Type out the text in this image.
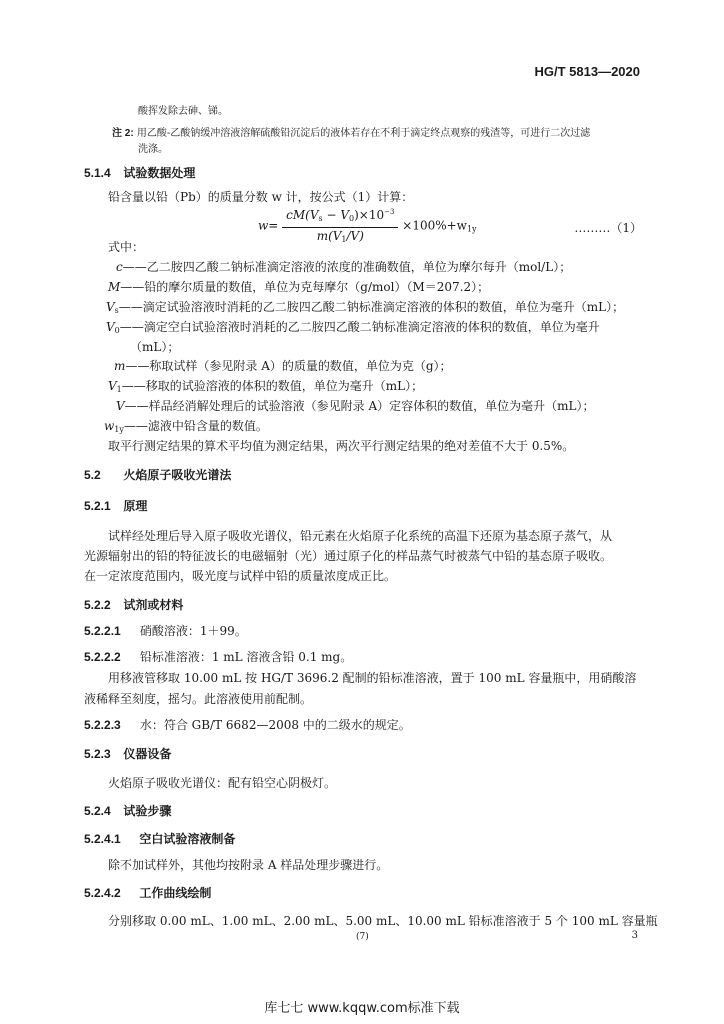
HG/T 5813—2020
酸挥发除去砷、锑。
注 2: 用乙酸-乙酸钠缓冲溶液溶解硫酸铅沉淀后的液体若存在不利于滴定终点观察的残渣等，可进行二次过滤
洗涤。
5.1.4 试验数据处理
铅含量以铅（Pb）的质量分数 w 计，按公式（1）计算：
$w= \frac{cM(V_s - V_0)\times 10^{-3}}{m(V_1/V)} \times 100\%+w_{1y}$	………（1）
式中：
c——乙二胺四乙酸二钠标准滴定溶液的浓度的准确数值，单位为摩尔每升（mol/L）；
M——铅的摩尔质量的数值，单位为克每摩尔（g/mol）（M＝207.2）；
$V_s——$滴定试验溶液时消耗的乙二胺四乙酸二钠标准滴定溶液的体积的数值，单位为毫升（mL）；
$V_0——$滴定空白试验溶液时消耗的乙二胺四乙酸二钠标准滴定溶液的体积的数值，单位为毫升
（mL）；
m——称取试样（参见附录 A）的质量的数值，单位为克（g）；
$V_1——$移取的试验溶液的体积的数值，单位为毫升（mL）；
V——样品经消解处理后的试验溶液（参见附录 A）定容体积的数值，单位为毫升（mL）；
$w_{1y}——$滤液中铅含量的数值。
取平行测定结果的算术平均值为测定结果，两次平行测定结果的绝对差值不大于 0.5%。
5.2 火焰原子吸收光谱法
5.2.1 原理
试样经处理后导入原子吸收光谱仪，铅元素在火焰原子化系统的高温下还原为基态原子蒸气，从
光源辐射出的铅的特征波长的电磁辐射（光）通过原子化的样品蒸气时被蒸气中铅的基态原子吸收。
在一定浓度范围内，吸光度与试样中铅的质量浓度成正比。
5.2.2 试剂或材料
5.2.2.1 硝酸溶液：1＋99。
5.2.2.2 铅标准溶液：1 mL 溶液含铅 0.1 mg。
用移液管移取 10.00 mL 按 HG/T 3696.2 配制的铅标准溶液，置于 100 mL 容量瓶中，用硝酸溶
液稀释至刻度，摇匀。此溶液使用前配制。
5.2.2.3 水：符合 GB/T 6682—2008 中的二级水的规定。
5.2.3 仪器设备
火焰原子吸收光谱仪：配有铅空心阴极灯。
5.2.4 试验步骤
5.2.4.1 空白试验溶液制备
除不加试样外，其他均按附录 A 样品处理步骤进行。
5.2.4.2 工作曲线绘制
分别移取 0.00 mL、1.00 mL、2.00 mL、5.00 mL、10.00 mL 铅标准溶液于 5 个 100 mL 容量瓶
(7)	3
库七七 www.kqqw.com标准下载
